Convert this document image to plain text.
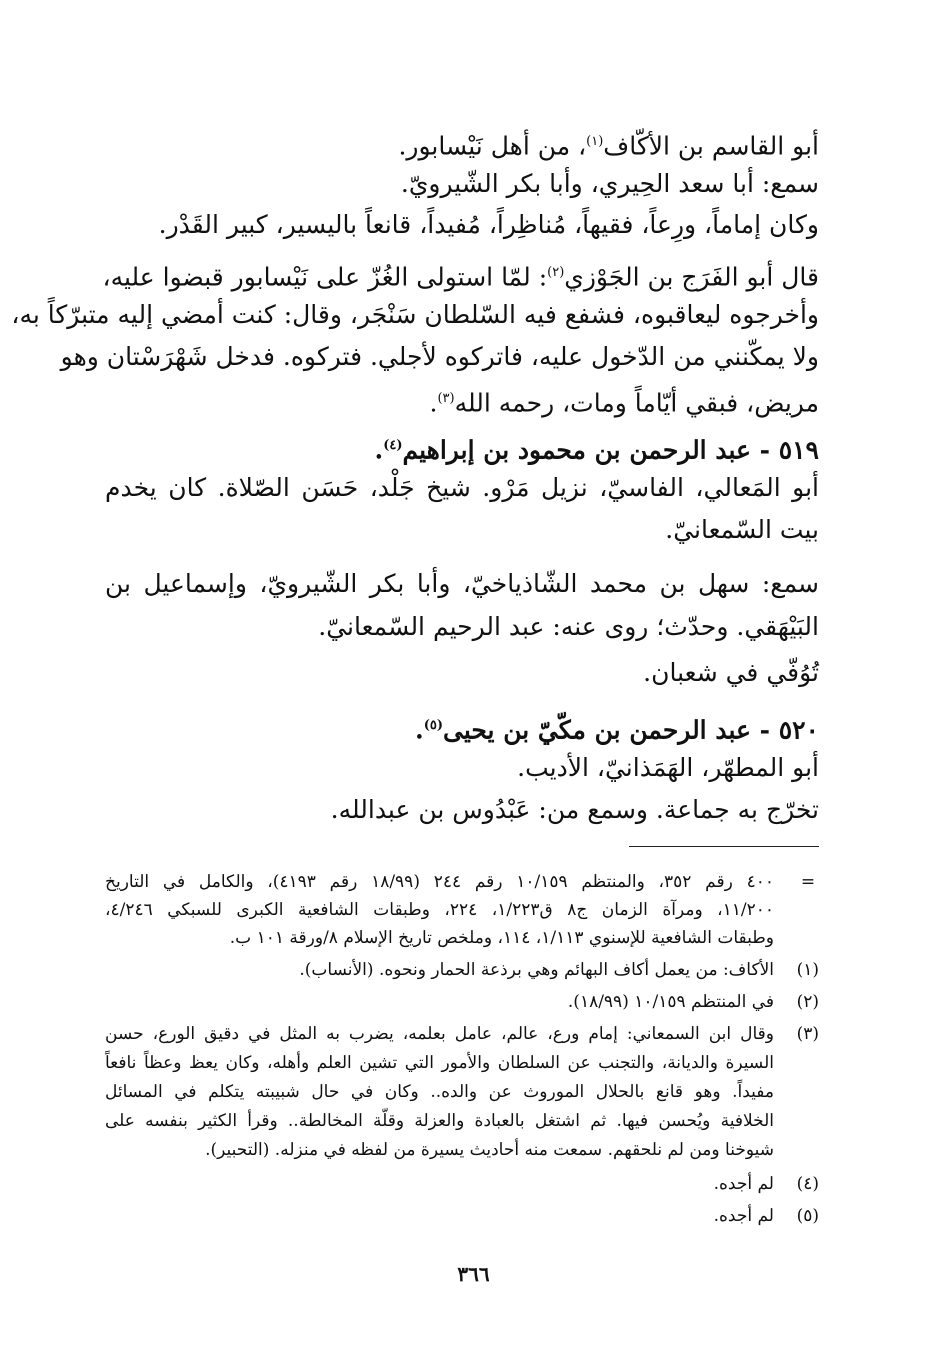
أبو القاسم بن الأكّاف$^{(١)}$، من أهل نَيْسابور.
سمع: أبا سعد الحِيري، وأبا بكر الشّيرويّ.
وكان إماماً، ورِعاً، فقيهاً، مُناظِراً، مُفيداً، قانعاً باليسير، كبير القَدْر.
قال أبو الفَرَج بن الجَوْزي$^{(٢)}$: لمّا استولى الغُزّ على نَيْسابور قبضوا عليه،
وأخرجوه ليعاقبوه، فشفع فيه السّلطان سَنْجَر، وقال: كنت أمضي إليه متبرّكاً به،
ولا يمكّنني من الدّخول عليه، فاتركوه لأجلي. فتركوه. فدخل شَهْرَسْتان وهو
مريض، فبقي أيّاماً ومات، رحمه الله$^{(٣)}$.
٥١٩ - عبد الرحمن بن محمود بن إبراهيم$^{(٤)}$.
أبو المَعالي، الفاسيّ، نزيل مَرْو. شيخ جَلْد، حَسَن الصّلاة. كان يخدم
بيت السّمعانيّ.
سمع: سهل بن محمد الشّاذياخيّ، وأبا بكر الشّيرويّ، وإسماعيل بن
البَيْهَقي. وحدّث؛ روى عنه: عبد الرحيم السّمعانيّ.
تُوُفّي في شعبان.
٥٢٠ - عبد الرحمن بن مكّيّ بن يحيى$^{(٥)}$.
أبو المطهّر، الهَمَذانيّ، الأديب.
تخرّج به جماعة. وسمع من: عَبْدُوس بن عبدالله.
=
٤٠٠ رقم ٣٥٢، والمنتظم ١٠/١٥٩ رقم ٢٤٤ (١٨/٩٩ رقم ٤١٩٣)، والكامل في التاريخ
١١/٢٠٠، ومرآة الزمان ج٨ ق١/٢٢٣، ٢٢٤، وطبقات الشافعية الكبرى للسبكي ٤/٢٤٦،
وطبقات الشافعية للإسنوي ١/١١٣، ١١٤، وملخص تاريخ الإسلام ٨/ورقة ١٠١ ب.
(١)
الأكاف: من يعمل أكاف البهائم وهي برذعة الحمار ونحوه. (الأنساب).
(٢)
في المنتظم ١٠/١٥٩ (١٨/٩٩).
(٣)
وقال ابن السمعاني: إمام ورع، عالم، عامل بعلمه، يضرب به المثل في دقيق الورع، حسن
السيرة والديانة، والتجنب عن السلطان والأمور التي تشين العلم وأهله، وكان يعظ وعظاً نافعاً
مفيداً. وهو قانع بالحلال الموروث عن والده.. وكان في حال شبيبته يتكلم في المسائل
الخلافية ويُحسن فيها. ثم اشتغل بالعبادة والعزلة وقلّة المخالطة.. وقرأ الكثير بنفسه على
شيوخنا ومن لم نلحقهم. سمعت منه أحاديث يسيرة من لفظه في منزله. (التحبير).
(٤)
لم أجده.
(٥)
لم أجده.
٣٦٦
